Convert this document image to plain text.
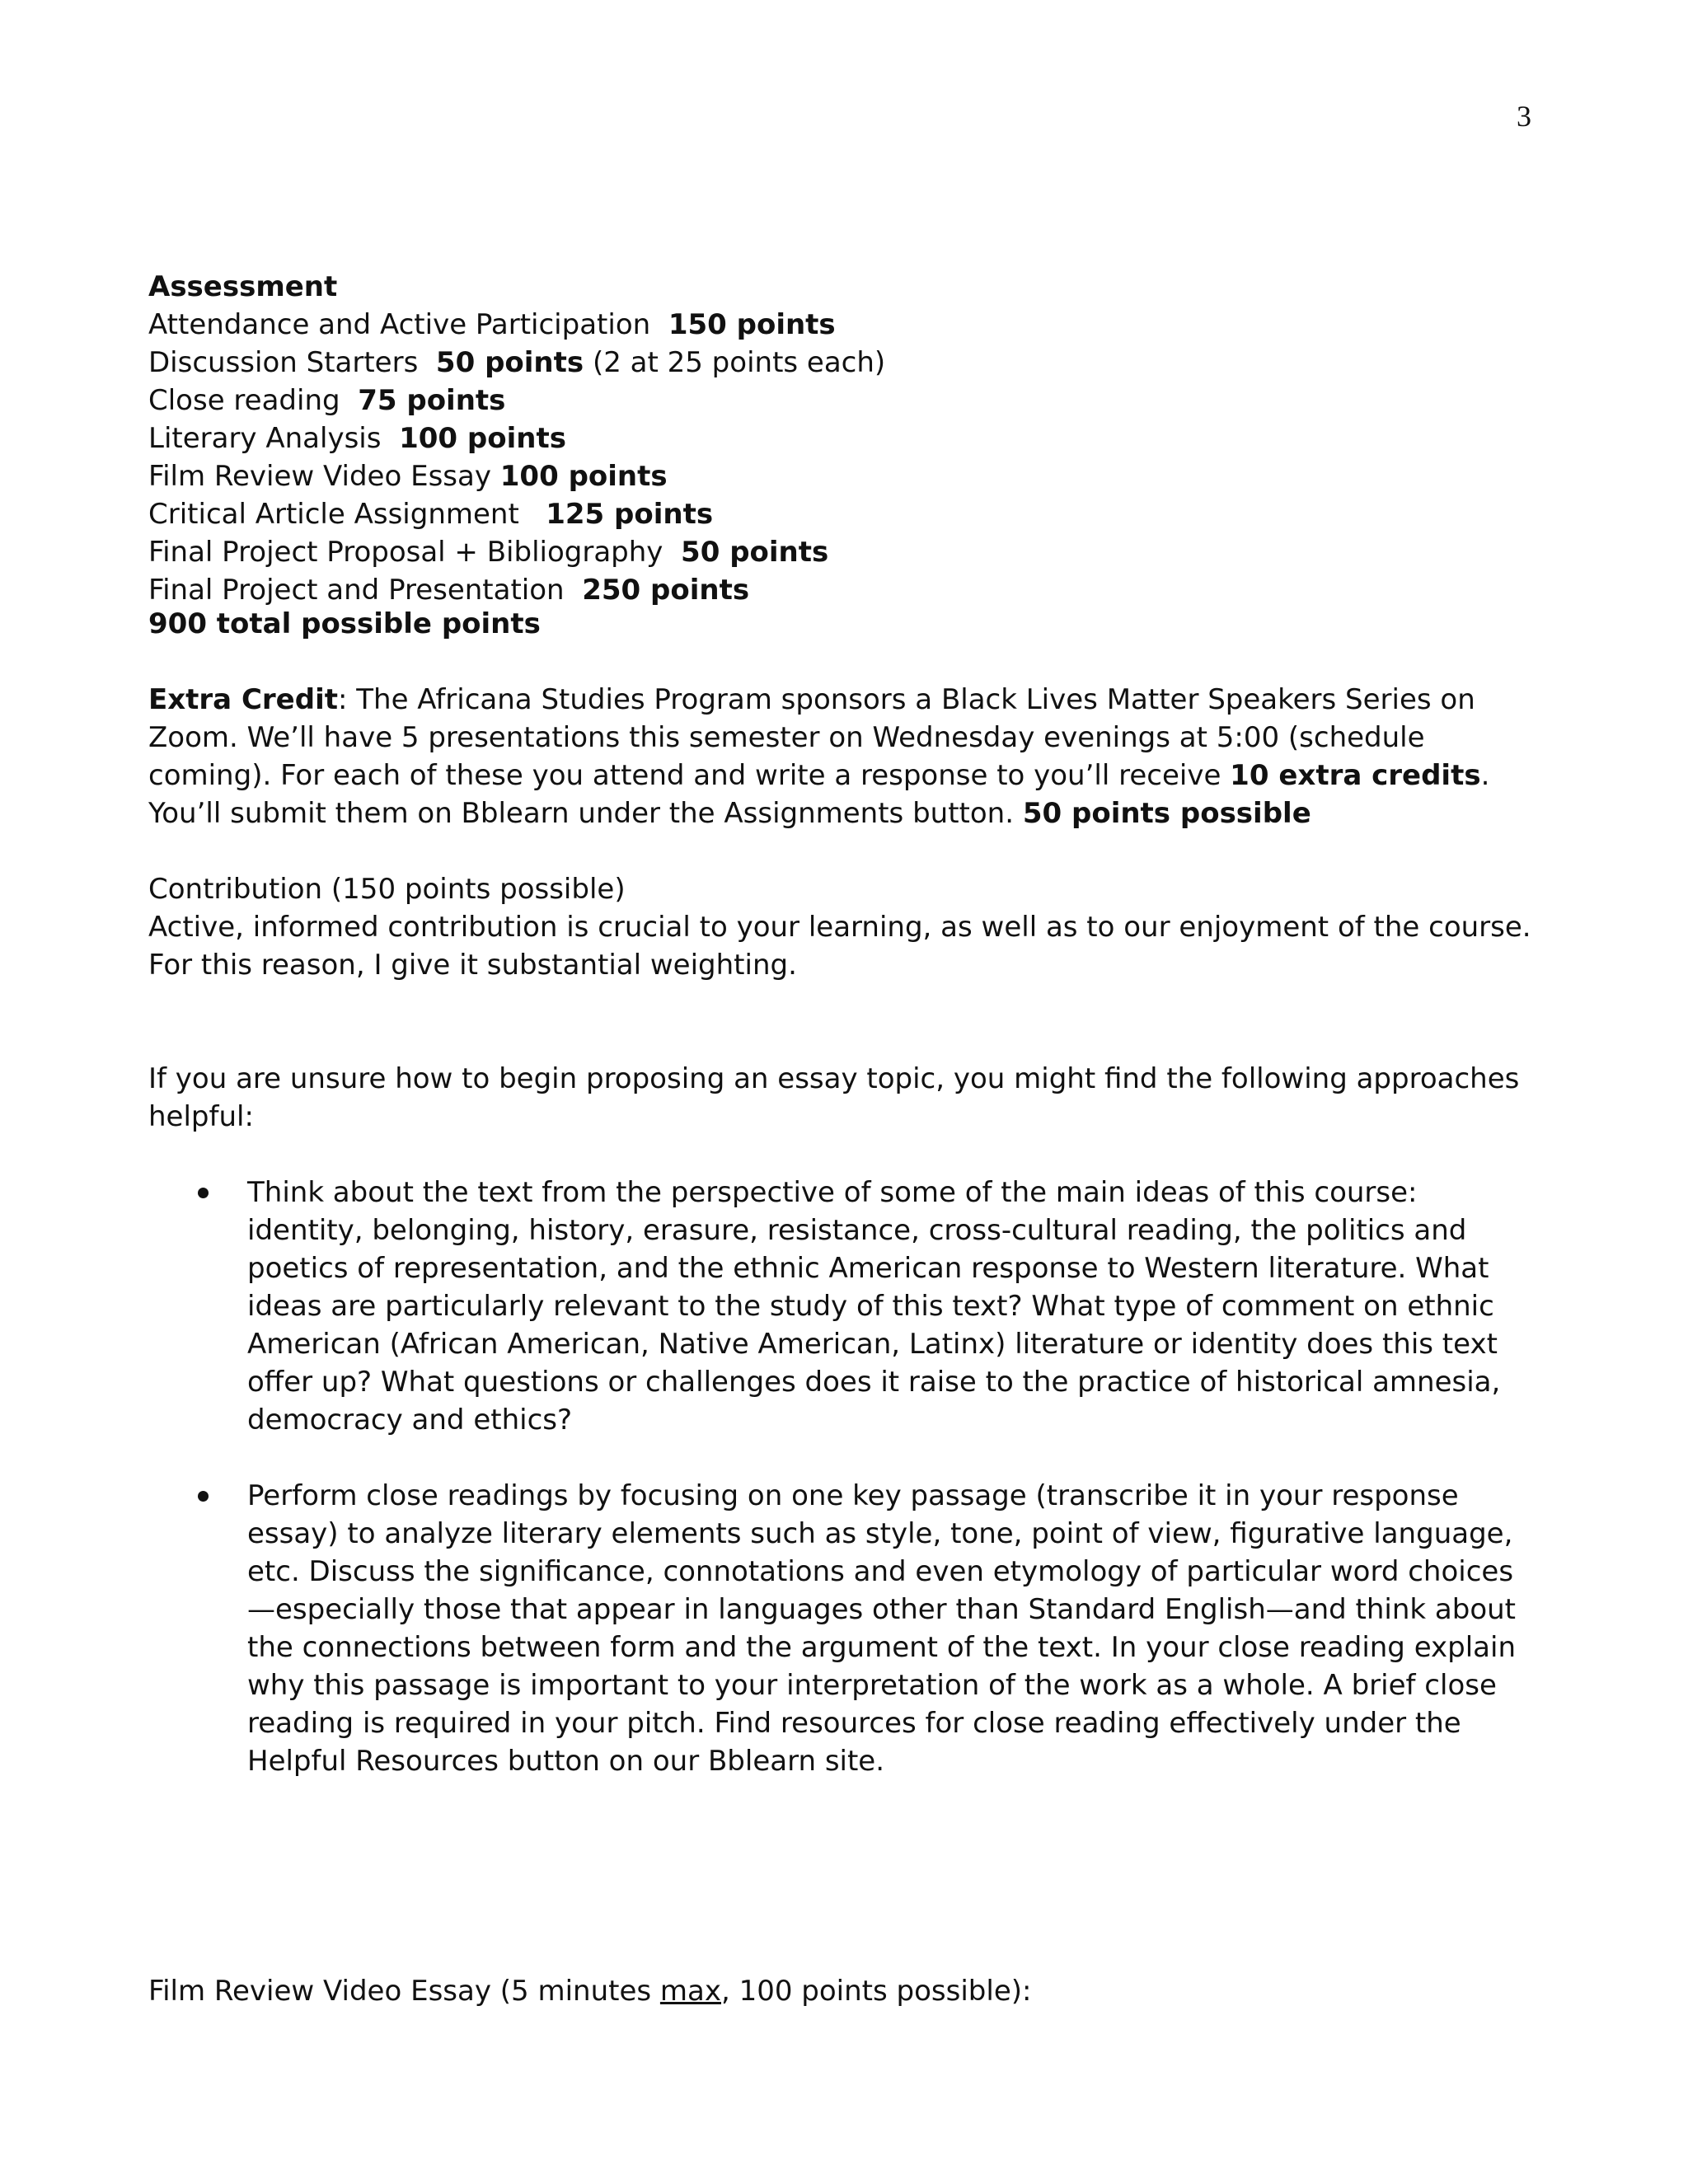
3
Assessment
Attendance and Active Participation 150 points
Discussion Starters 50 points (2 at 25 points each)
Close reading 75 points
Literary Analysis 100 points
Film Review Video Essay 100 points
Critical Article Assignment 125 points
Final Project Proposal + Bibliography 50 points
Final Project and Presentation 250 points
900 total possible points

Extra Credit: The Africana Studies Program sponsors a Black Lives Matter Speakers Series on Zoom. We’ll have 5 presentations this semester on Wednesday evenings at 5:00 (schedule coming). For each of these you attend and write a response to you’ll receive 10 extra credits. You’ll submit them on Bblearn under the Assignments button. 50 points possible

Contribution (150 points possible)

Active, informed contribution is crucial to your learning, as well as to our enjoyment of the course. For this reason, I give it substantial weighting.

If you are unsure how to begin proposing an essay topic, you might find the following approaches helpful:

Think about the text from the perspective of some of the main ideas of this course: identity, belonging, history, erasure, resistance, cross-cultural reading, the politics and poetics of representation, and the ethnic American response to Western literature. What ideas are particularly relevant to the study of this text? What type of comment on ethnic American (African American, Native American, Latinx) literature or identity does this text offer up? What questions or challenges does it raise to the practice of historical amnesia, democracy and ethics?
Perform close readings by focusing on one key passage (transcribe it in your response essay) to analyze literary elements such as style, tone, point of view, figurative language, etc. Discuss the significance, connotations and even etymology of particular word choices—especially those that appear in languages other than Standard English—and think about the connections between form and the argument of the text. In your close reading explain why this passage is important to your interpretation of the work as a whole. A brief close reading is required in your pitch. Find resources for close reading effectively under the Helpful Resources button on our Bblearn site.
Film Review Video Essay (5 minutes max, 100 points possible):
